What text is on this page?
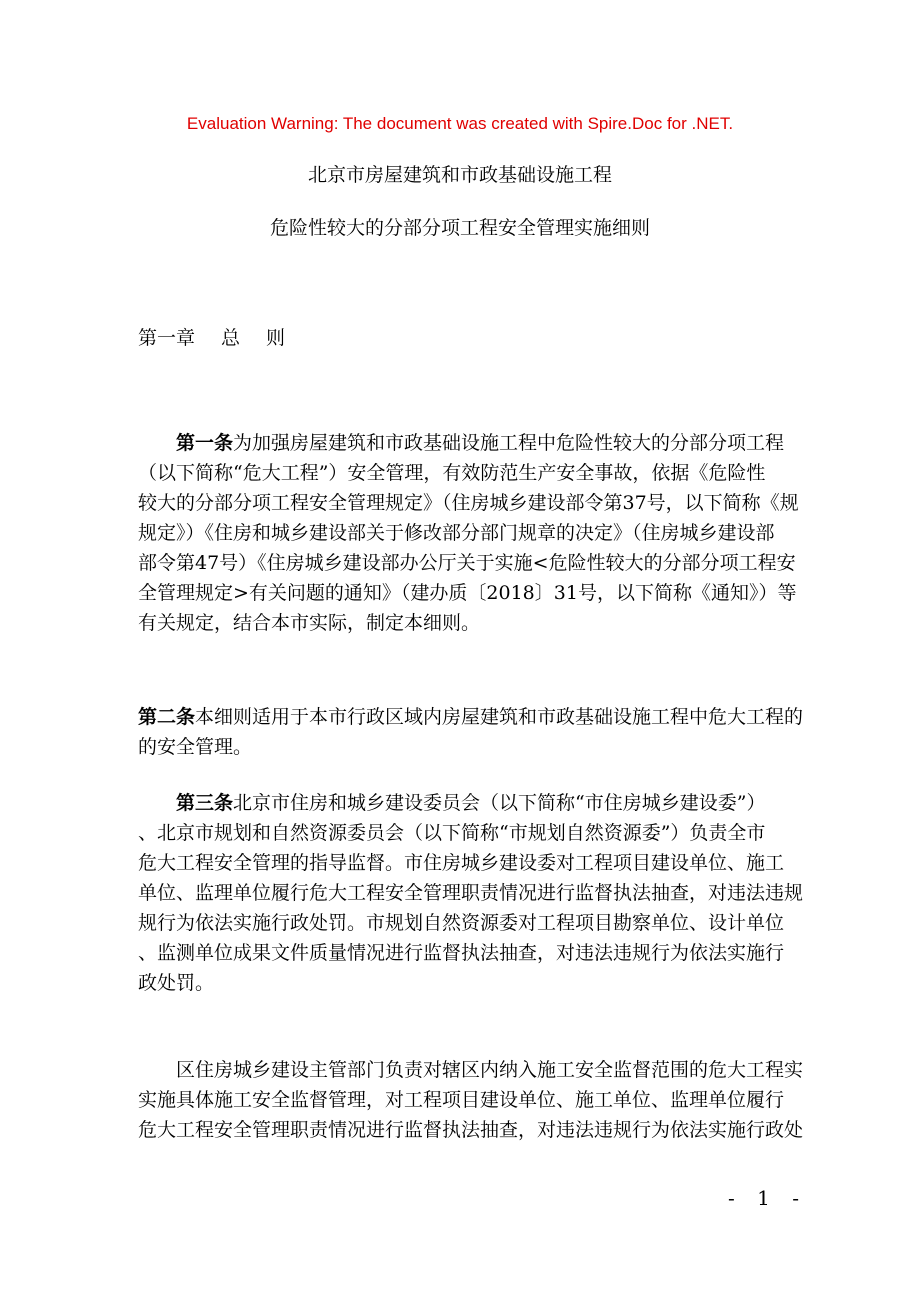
Evaluation Warning: The document was created with Spire.Doc for .NET.
北京市房屋建筑和市政基础设施工程
危险性较大的分部分项工程安全管理实施细则
第一章 总 则
第一条为加强房屋建筑和市政基础设施工程中危险性较大的分部分项工程
（以下简称“危大工程”）安全管理，有效防范生产安全事故，依据《危险性
较大的分部分项工程安全管理规定》（住房城乡建设部令第37号，以下简称《规
规定》）《住房和城乡建设部关于修改部分部门规章的决定》（住房城乡建设部
部令第47号）《住房城乡建设部办公厅关于实施<危险性较大的分部分项工程安
全管理规定>有关问题的通知》（建办质〔2018〕31号，以下简称《通知》）等
有关规定，结合本市实际，制定本细则。
第二条本细则适用于本市行政区域内房屋建筑和市政基础设施工程中危大工程的
的安全管理。
第三条北京市住房和城乡建设委员会（以下简称“市住房城乡建设委”）
、北京市规划和自然资源委员会（以下简称“市规划自然资源委”）负责全市
危大工程安全管理的指导监督。市住房城乡建设委对工程项目建设单位、施工
单位、监理单位履行危大工程安全管理职责情况进行监督执法抽查，对违法违规
规行为依法实施行政处罚。市规划自然资源委对工程项目勘察单位、设计单位
、监测单位成果文件质量情况进行监督执法抽查，对违法违规行为依法实施行
政处罚。
区住房城乡建设主管部门负责对辖区内纳入施工安全监督范围的危大工程实
实施具体施工安全监督管理，对工程项目建设单位、施工单位、监理单位履行
危大工程安全管理职责情况进行监督执法抽查，对违法违规行为依法实施行政处
- 1 -
